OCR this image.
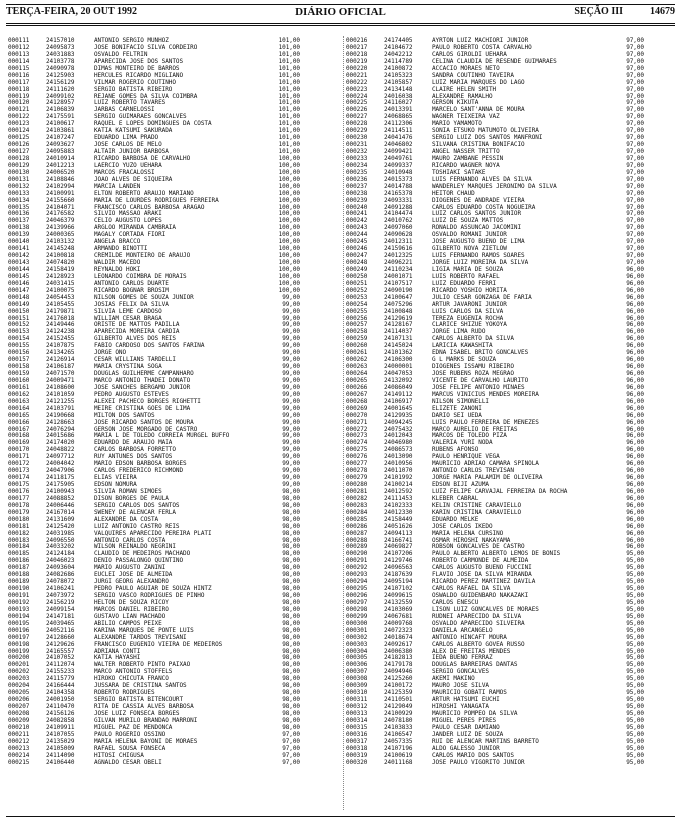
TERÇA-FEIRA, 20 OUT 1992	DIÁRIO OFICIAL	SEÇÃO III	14679
000111	24157010	ANTONIO SERGIO MUNHOZ	101,00
000112	24095873	JOSE BONIFACIO SILVA CORDEIRO	101,00
000113	24031883	OSVALDO FELTRIN	101,00
000114	24103778	APARECIDA JOSE DOS SANTOS	101,00
000115	24090978	DIMAS MONTEIRO DE BARROS	101,00
000116	24125903	HERCULES RICARDO MIGLIANO	101,00
000117	24156129	VILMAR ROGERIO COUTINHO	101,00
000118	24111620	SERGIO BATISTA RIBEIRO	101,00
000119	24099102	REJANE GOMES DA SILVA COIMBRA	101,00
000120	24128957	LUIZ ROBERTO TAVARES	101,00
000121	24106839	JARBAS CARNELOSSI	101,00
000122	24175591	SERGIO GUIMARAES GONCALVES	101,00
000123	24100617	RAQUEL E LOPES DOMINGUES DA COSTA	101,00
000124	24103861	KATIA KATSUMI SAKURADA	101,00
000125	24107247	EDUARDO LIMA PRADO	101,00
000126	24093627	JOSE CARLOS DE MELO	101,00
000127	24095883	ALTAIR JUNIOR BARBOSA	101,00
000128	24010914	RICARDO BARBOSA DE CARVALHO	100,00
000129	24012213	LAERCIO YUZO UEHARA	100,00
000130	24006520	MARCOS FRACALOSSI	100,00
000131	24108846	JOAO ALVES DE SIQUEIRA	100,00
000132	24102994	MARCIA LANDEN	100,00
000133	24100991	ELTON ROBERTO ARAUJO MARIANO	100,00
000134	24155660	MARIA DE LOURDES RODRIGUES FERREIRA	100,00
000135	24104071	FRANCISCO CARLOS BARBOSA ARAGAO	100,00
000136	24176582	SILVIO MASSAO ARAKI	100,00
000137	24046379	CELIO AUGUSTO LOPES	100,00
000138	24139966	ARGLOO MIRANDA CAMBRAIA	100,00
000139	24000365	MAGALY CORTADA FIORI	100,00
000140	24103132	ANGELA BRACCO	100,00
000141	24145248	ARMANDO BINOTTI	100,00
000142	24100818	CREMILDE MONTEIRO DE ARAUJO	100,00
000143	24074820	WALDIR MACEDO	100,00
000144	24158419	REYNALDO HOKI	100,00
000145	24128923	LEONARDO COIMBRA DE MORAIS	100,00
000146	24031415	ANTONIO CARLOS DUARTE	100,00
000147	24100075	RICARDO BOGNAR BROSIM	100,00
000148	24054453	NILSON GOMES DE SOUZA JUNIOR	99,00
000149	24105455	JOSIAS FELIX DA SILVA	99,00
000150	24179871	SILVIA LEME CARDOSO	99,00
000151	24176018	WILLIAM CESAR BRAGA	99,00
000152	24149446	ORISTE DE MATTOS PADILLA	99,00
000153	24124238	APARECIDA MOREIRA CARDIA	99,00
000154	24152455	GILBERTO ALVES DOS REIS	99,00
000155	24107875	FABIO CARDOSO DOS SANTOS FARINA	99,00
000156	24134265	JORGE ONO	99,00
000157	24126914	CESAR WILLIANS TARDELLI	99,00
000158	24106187	MARIA CRYSTINA SOGA	99,00
000159	24071570	DOUGLAS GUILHERME CAMPANHARO	99,00
000160	24009471	MARCO ANTONIO THADEI DONATO	99,00
000161	24108600	JOSE SANCHES BERGAMO JUNIOR	99,00
000162	24101059	PEDRO AUGUSTO ESTEVES	99,00
000163	24121255	ALEXEI PACHECO BORGES RIGHETTI	99,00
000164	24103791	MEIRE CRISTINA GOES DE LIMA	99,00
000165	24190668	MILTON DOS SANTOS	99,00
000166	24128663	JOSE RICARDO SANTOS DE MOURA	99,00
000167	24076294	GERSON JOSE MORGADO DE CASTRO	99,00
000168	24015686	MARIA L DE TOLEDO CORREIA MURGEL BUFFO	99,00
000169	24174020	EDUARDO DE ARAUJO MAIA	99,00
000170	24048822	CARLOS BARBOSA FORRETTO	99,00
000171	24097712	RUY ANTUNES DOS SANTOS	99,00
000172	24004042	MARIO EDSON BARBOSA BORGES	99,00
000173	24047906	CARLOS FREDERICO RICHMOND	99,00
000174	24118175	ELIAS VIEIRA	99,00
000175	24175905	EDSON NOMURA	99,00
000176	24100943	SILVIA ROMAN SIMOES	98,00
000177	24088852	DISON BORGES DE PAULA	98,00
000178	24006446	SERGIO CARLOS DOS SANTOS	98,00
000179	24167014	SWENEY DE ALENCAR FERLA	98,00
000180	24131609	ALEXANDRE DA COSTA	98,00
000181	24125420	LUIZ ANTONIO CASTRO REIS	98,00
000182	24031985	VALQUIRES APARECIDO PEREIRA PLATI	98,00
000183	24096550	ANTONIO CARLOS COSTA	98,00
000184	24033202	WILSON REINALDO NEGRINI	98,00
000185	24124184	CLAUDIO DE MEDEIROS MACHADO	98,00
000186	24046023	DENIO PASSALONGO QUINTINO	98,00
000187	24093604	MARIO AUGUSTO ZANINI	98,00
000188	24082686	EUCLEI JOSE DE ALMEIDA	98,00
000189	24078072	JURGI GEORG ALEXANDRO	98,00
000190	24106241	PEDRO PAULO AGUIAR DE SOUZA HINTZ	98,00
000191	24073972	SERGIO VASCO RODRIGUES DE PINHO	98,00
000192	24156219	HELTON DE SOUZA RICOY	98,00
000193	24099154	MARCOS DANIEL RIBEIRO	98,00
000194	24147181	GUSTAVO LIAN MACHADO	98,00
000195	24039465	ABILIO CAMPOS PEIXE	98,00
000196	24052116	KARINA MARQUES DE PONTE LUIS	98,00
000197	24128660	ALEXANDRE TARDOS TREVISANI	98,00
000198	24129626	FRANCISCO EUGENIO VIEIRA DE MEDEIROS	98,00
000199	24165557	ADRIANA CONTI	98,00
000200	24107052	KATIA HAYASHI	98,00
000201	24112074	WALTER ROBERTO PINTO PAIXAO	98,00
000202	24155233	MARCO ANTONIO STOFFELS	98,00
000203	24115779	HIROKO CHICUTA FRANCO	98,00
000204	24166444	JUSSARA DE CRISTINA SANTOS	98,00
000205	24104358	ROBERTO RODRIGUES	98,00
000206	24001950	SERGIO BATISTA BITENCOURT	98,00
000207	24110470	RITA DE CASSIA ALVES BARBOSA	98,00
000208	24156126	JOSE LUIZ FONSECA BORGES	98,00
000209	24082858	GILVAN MURILO BRANDAO MARRONI	98,00
000210	24109911	MIGUEL PAZ DE MENDONCA	98,00
000211	24107055	PAULO ROGERIO OSSINO	97,00
000212	24135029	MARIA HELENA BAYONI DE MORAES	97,00
000213	24105009	RAFAEL SOUSA FONSECA	97,00
000214	24114090	HITOSI CHIGUSA	97,00
000215	24106440	AGNALDO CESAR OBELI	97,00
000216	24174405	AYRTON LUIZ MACHIORI JUNIOR	97,00
000217	24104672	PAULO ROBERTO COSTA CARVALHO	97,00
000218	24042212	CARLOS GIROLDI UEHARA	97,00
000219	24114789	CELINA CLAUDIA DE RESENDE GUIMARAES	97,00
000220	24100872	ACCACIO MORAES NETO	97,00
000221	24105323	SANDRA COUTINHO TAVEIRA	97,00
000222	24105857	LUIZ MARIA MARQUES DO LAGO	97,00
000223	24134148	CLAIRE HELEN SMITH	97,00
000224	24016038	ALEXANDRE RAMALHO	97,00
000225	24116027	GERSON KIKUTA	97,00
000226	24013391	MARCELO SANT'ANNA DE MOURA	97,00
000227	24068865	WAGNER TEIXEIRA VAZ	97,00
000228	24112306	MARIO YAMAMOTO	97,00
000229	24114511	SONIA ETSUKO MATUMOTO OLIVEIRA	97,00
000230	24041476	SERGIO LUIZ DOS SANTOS MANFRONI	97,00
000231	24046802	SILVANA CRISTINA BONIFACIO	97,00
000232	24099421	ANGEL NASSER TRITTO	97,00
000233	24049761	MAURO ZAMBANE PESSIN	97,00
000234	24099337	RICARDO WAGNER NOYA	97,00
000235	24010948	TOSHIAKI SATAKE	97,00
000236	24015373	LUIS FERNANDO ALVES DA SILVA	97,00
000237	24014788	WANDERLEY MARQUES JERONIMO DA SILVA	97,00
000238	24165378	HEITOR CHAUD	97,00
000239	24093331	DIOGENES DE ANDRADE VIEIRA	97,00
000240	24091288	CARLOS EDUARDO COSTA NOGUEIRA	97,00
000241	24104474	LUIZ CARLOS SANTOS JUNIOR	97,00
000242	24010762	LUIZ DE SOUZA MATTOS	97,00
000243	24097060	RONALDO ASSUNCAO JACOMINI	97,00
000244	24090628	OSVALDO ROMANI JUNIOR	97,00
000245	24012311	JOSE AUGUSTO BUENO DE LIMA	97,00
000246	24159616	GILBERTO NOVA ZIETLOW	97,00
000247	24012325	LUIS FERNANDO RAMOS SOARES	97,00
000248	24096221	JORGE LUIZ MOREIRA DA SILVA	97,00
000249	24110234	LIGIA MARIA DE SOUZA	96,00
000250	24001071	LUIS ROBERTO RAFAEL	96,00
000251	24107517	LUIZ EDUARDO FERRI	96,00
000252	24090190	RICARDO YOSHIO HORITA	96,00
000253	24100647	JULIO CESAR GONZAGA DE FARIA	96,00
000254	24075296	ARTUR JAVARONI JUNIOR	96,00
000255	24100848	LUIS CARLOS DA SILVA	96,00
000256	24129619	TEREZA EUGENIA ROCHA	96,00
000257	24128167	CLARICE SHIZUE YOKOYA	96,00
000258	24114037	JORGE LIMA RUDO	96,00
000259	24107131	CARLOS ALBERTO DA SILVA	96,00
000260	24145024	LARICIA KAWASHITA	96,00
000261	24101362	EDNA ISABEL BRITO GONCALVES	96,00
000262	24106300	G L MARKS DE SOUZA	96,00
000263	24000001	DIOGENES ISSAMU RIBEIRO	96,00
000264	24047053	JOSE RUBENS ROZA MEGRAO	96,00
000265	24132092	VICENTE DE CARVALHO LAURITO	96,00
000266	24086049	JOSE FELIPE ANTONIO MINAES	96,00
000267	24149112	MARCUS VINICIUS MENDES MOREIRA	96,00
000268	24106917	NILSON SIMONELLI	96,00
000269	24001645	ELIZETE ZANONI	96,00
000270	24129935	DARIO SEI UEDA	96,00
000271	24094245	LUIS PAULO FERREIRA DE MENEZES	96,00
000272	24075432	MARCO AURELIO DE FREITAS	96,00
000273	24012043	MARCOS DE TOLEDO PIZA	96,00
000274	24046980	VALERIA YURI NODA	96,00
000275	24086573	RUBENS AFONSO	96,00
000276	24013090	PAULO HENRIQUE VEGA	96,00
000277	24010956	MAURICIO ADRIAO CAMARA SPINOLA	96,00
000278	24011070	ANTONIO CARLOS TREVISAN	96,00
000279	24101992	JORGE MARIA PALAMIM DE OLIVEIRA	96,00
000280	24100214	EDSON BIJI AZUMA	96,00
000281	24012592	LUIZ FELIPE CARVAJAL FERREIRA DA ROCHA	96,00
000282	24111453	KLEBER CABRAL	96,00
000283	24102333	KELIN CRISTINE CARAVIELLO	96,00
000284	24012330	KARIN CRISTINA CARAVIELLO	96,00
000285	24158449	EDUARDO MELKE	96,00
000286	24051626	JOSE CARLOS IKEDO	96,00
000287	24094113	MARIA HELENA CURSINO	96,00
000288	24166741	OSMAR HIROSHI NAKAYAMA	96,00
000289	24069827	ROBSON GONCALVES DE CASTRO	96,00
000290	24107206	PAULO ALBERTO ALBERTO LEMOS DE BONIS	95,00
000291	24129746	ROBERTO CARMONDE DE ALMEIDA	95,00
000292	24096563	CARLOS AUGUSTO BUENO FUCCINI	95,00
000293	24187639	FLAVIO JOSE DA SILVA MIRANDA	95,00
000294	24095194	RICARDO PEREZ MARTINEZ DAVILA	95,00
000295	24107102	CARLOS RAFAEL DA SILVA	95,00
000296	24099615	OSWALDO GUIDENBARO NAKAZAKI	95,00
000297	24132559	CARLOS ENESCU	95,00
000298	24103069	LISON LUIZ GONCALVES DE MORAES	95,00
000299	24067681	RUDNEI APARECIDO DA SILVA	95,00
000300	24009768	OSVALDO APARECIDO SILVEIRA	95,00
000301	24072323	DANIELA ARCANGELO	95,00
000302	24018674	ANTONIO HINCAFT MOURA	95,00
000303	24092617	CARLOS ALBERTO GOVEA RUSSO	95,00
000304	24006380	ALEX DE FREITAS MENDES	95,00
000305	24182813	IEDA BUENO FERRAZ	95,00
000306	24179178	DOUGLAS BARREIRAS DANTAS	95,00
000307	24094946	SERGIO GONCALVES	95,00
000308	24125260	AKEMI MAKINO	95,00
000309	24100172	MAURO JOSE SILVA	95,00
000310	24125359	MAURICIO GOBATI RAMOS	95,00
000311	24110501	ARTUR HATSUMI EUCHI	95,00
000312	24129049	HIROSHI YANAGATA	95,00
000313	24100929	MAURICIO POMPEO DA SILVA	95,00
000314	24078180	MIGUEL PERES PIRES	95,00
000315	24103833	PAULO CESAR DAMIANO	95,00
000316	24106547	JANDER LUIZ DE SOUZA	95,00
000317	24057335	RUI DE ALENCAR MARTINS BARRETO	95,00
000318	24107196	ALDO GALESSO JUNIOR	95,00
000319	24100619	CARLOS MARIO DOS SANTOS	95,00
000320	24011168	JOSE PAULO VIGORITO JUNIOR	95,00
